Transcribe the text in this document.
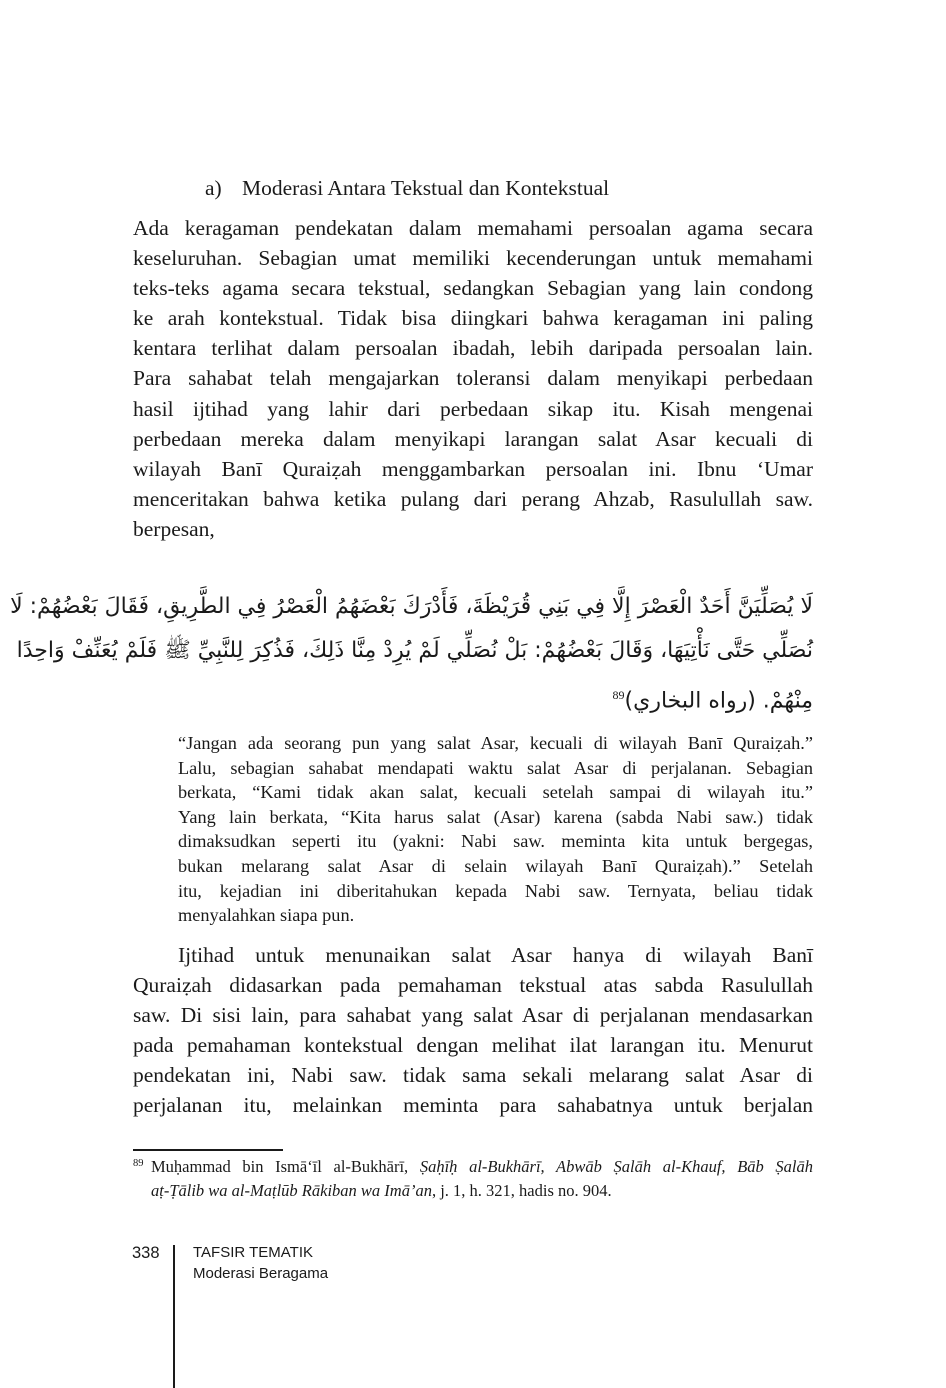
a) Moderasi Antara Tekstual dan Kontekstual
Ada keragaman pendekatan dalam memahami persoalan agama secara
keseluruhan. Sebagian umat memiliki kecenderungan untuk memahami
teks-teks agama secara tekstual, sedangkan Sebagian yang lain condong
ke arah kontekstual. Tidak bisa diingkari bahwa keragaman ini paling
kentara terlihat dalam persoalan ibadah, lebih daripada persoalan lain.
Para sahabat telah mengajarkan toleransi dalam menyikapi perbedaan
hasil ijtihad yang lahir dari perbedaan sikap itu. Kisah mengenai
perbedaan mereka dalam menyikapi larangan salat Asar kecuali di
wilayah Banī Quraiẓah menggambarkan persoalan ini. Ibnu ‘Umar
menceritakan bahwa ketika pulang dari perang Ahzab, Rasulullah saw.
berpesan,
لَا يُصَلِّيَنَّ أَحَدٌ الْعَصْرَ إِلَّا فِي بَنِي قُرَيْظَةَ، فَأَدْرَكَ بَعْضَهُمُ الْعَصْرُ فِي الطَّرِيقِ، فَقَالَ بَعْضُهُمْ: لَا
نُصَلِّي حَتَّى نَأْتِيَهَا، وَقَالَ بَعْضُهُمْ: بَلْ نُصَلِّي لَمْ يُرِدْ مِنَّا ذَلِكَ، فَذُكِرَ لِلنَّبِيِّ ﷺ فَلَمْ يُعَنِّفْ وَاحِدًا
مِنْهُمْ. (رواه البخاري)$^{89}$
“Jangan ada seorang pun yang salat Asar, kecuali di wilayah Banī Quraiẓah.”
Lalu, sebagian sahabat mendapati waktu salat Asar di perjalanan. Sebagian
berkata, “Kami tidak akan salat, kecuali setelah sampai di wilayah itu.”
Yang lain berkata, “Kita harus salat (Asar) karena (sabda Nabi saw.) tidak
dimaksudkan seperti itu (yakni: Nabi saw. meminta kita untuk bergegas,
bukan melarang salat Asar di selain wilayah Banī Quraiẓah).” Setelah
itu, kejadian ini diberitahukan kepada Nabi saw. Ternyata, beliau tidak
menyalahkan siapa pun.
Ijtihad untuk menunaikan salat Asar hanya di wilayah Banī
Quraiẓah didasarkan pada pemahaman tekstual atas sabda Rasulullah
saw. Di sisi lain, para sahabat yang salat Asar di perjalanan mendasarkan
pada pemahaman kontekstual dengan melihat ilat larangan itu. Menurut
pendekatan ini, Nabi saw. tidak sama sekali melarang salat Asar di
perjalanan itu, melainkan meminta para sahabatnya untuk berjalan
89 Muḥammad bin Ismā‘īl al-Bukhārī, Ṣaḥīḥ al-Bukhārī, Abwāb Ṣalāh al-Khauf, Bāb Ṣalāh
aṭ-Ṭālib wa al-Maṭlūb Rākiban wa Imā’an, j. 1, h. 321, hadis no. 904.
338 TAFSIR TEMATIK
Moderasi Beragama
